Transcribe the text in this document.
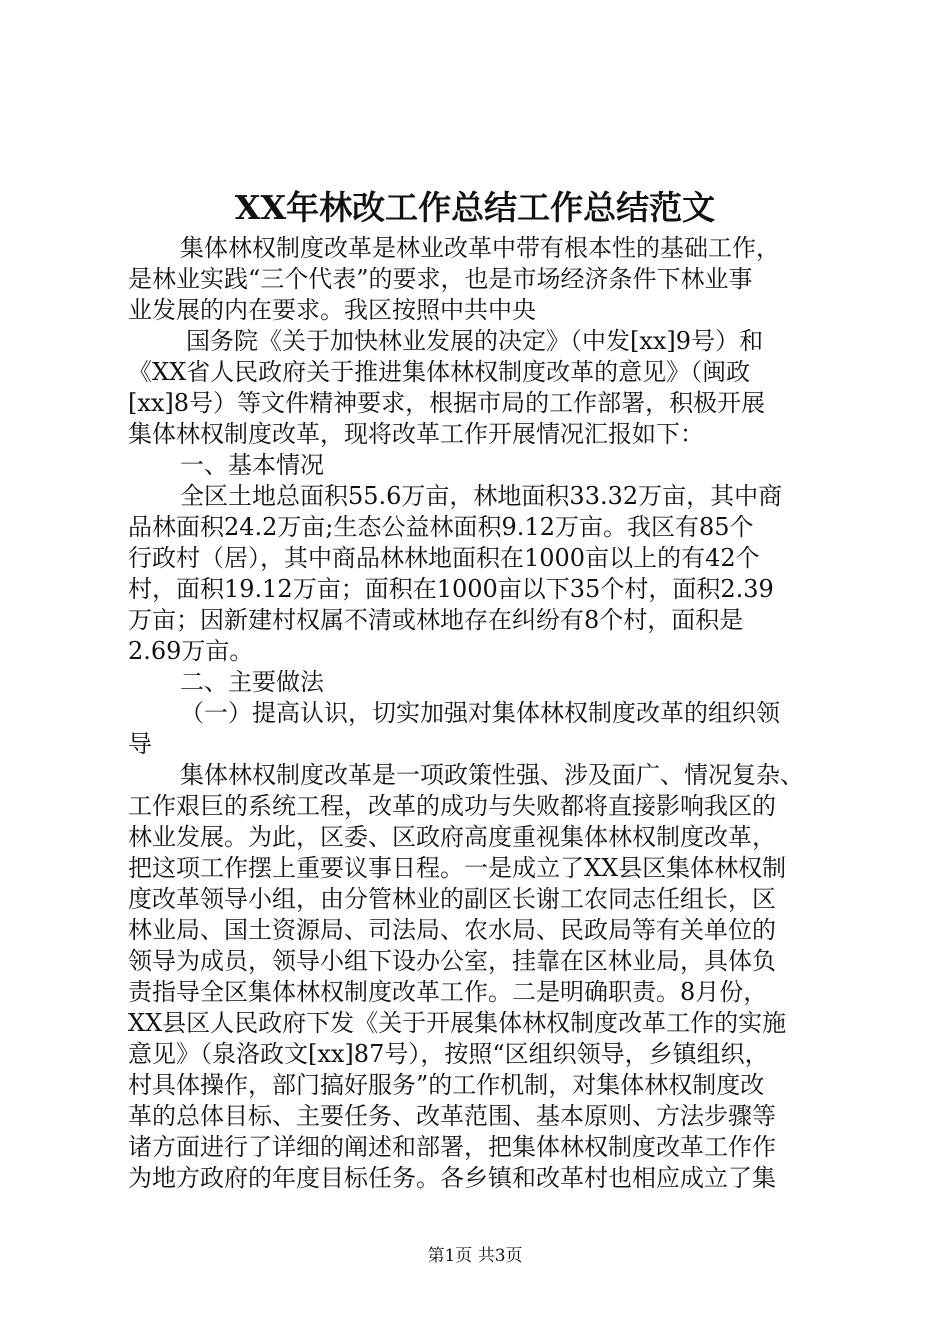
XX年林改工作总结工作总结范文
集体林权制度改革是林业改革中带有根本性的基础工作，
是林业实践“三个代表”的要求，也是市场经济条件下林业事
业发展的内在要求。我区按照中共中央
国务院《关于加快林业发展的决定》（中发[xx]9号）和
《XX省人民政府关于推进集体林权制度改革的意见》（闽政
[xx]8号）等文件精神要求，根据市局的工作部署，积极开展
集体林权制度改革，现将改革工作开展情况汇报如下：
一、基本情况
全区土地总面积55.6万亩，林地面积33.32万亩，其中商
品林面积24.2万亩;生态公益林面积9.12万亩。我区有85个
行政村（居），其中商品林林地面积在1000亩以上的有42个
村，面积19.12万亩；面积在1000亩以下35个村，面积2.39
万亩；因新建村权属不清或林地存在纠纷有8个村，面积是
2.69万亩。
二、主要做法
（一）提高认识，切实加强对集体林权制度改革的组织领
导
集体林权制度改革是一项政策性强、涉及面广、情况复杂、
工作艰巨的系统工程，改革的成功与失败都将直接影响我区的
林业发展。为此，区委、区政府高度重视集体林权制度改革，
把这项工作摆上重要议事日程。一是成立了XX县区集体林权制
度改革领导小组，由分管林业的副区长谢工农同志任组长，区
林业局、国土资源局、司法局、农水局、民政局等有关单位的
领导为成员，领导小组下设办公室，挂靠在区林业局，具体负
责指导全区集体林权制度改革工作。二是明确职责。8月份，
XX县区人民政府下发《关于开展集体林权制度改革工作的实施
意见》（泉洛政文[xx]87号），按照“区组织领导，乡镇组织，
村具体操作，部门搞好服务”的工作机制，对集体林权制度改
革的总体目标、主要任务、改革范围、基本原则、方法步骤等
诸方面进行了详细的阐述和部署，把集体林权制度改革工作作
为地方政府的年度目标任务。各乡镇和改革村也相应成立了集
第1页 共3页
